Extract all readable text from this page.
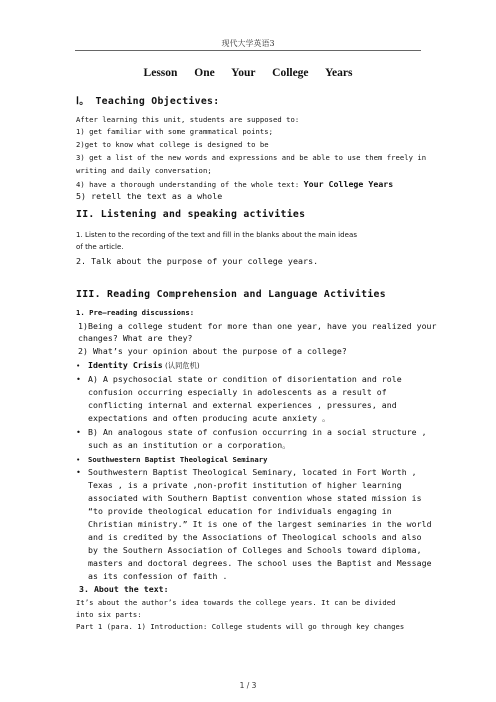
现代大学英语3
Lesson One Your College Years
Ⅰ。 Teaching Objectives:
After learning this unit, students are supposed to:
1) get familiar with some grammatical points;
2)get to know what college is designed to be
3) get a list of the new words and expressions and be able to use them freely in
writing and daily conversation;
4) have a thorough understanding of the whole text: Your College Years
5) retell the text as a whole
II. Listening and speaking activities
1. Listen to the recording of the text and fill in the blanks about the main ideas
of the article.
2. Talk about the purpose of your college years.
III. Reading Comprehension and Language Activities
1. Pre—reading discussions:
1)Being a college student for more than one year, have you realized your
changes? What are they?
2) What’s your opinion about the purpose of a college?
• Identity Crisis (认同危机)
• A) A psychosocial state or condition of disorientation and role
confusion occurring especially in adolescents as a result of
conflicting internal and external experiences , pressures, and
expectations and often producing acute anxiety 。
• B) An analogous state of confusion occurring in a social structure ,
such as an institution or a corporation。
• Southwestern Baptist Theological Seminary
• Southwestern Baptist Theological Seminary, located in Fort Worth ,
Texas , is a private ,non-profit institution of higher learning
associated with Southern Baptist convention whose stated mission is
“to provide theological education for individuals engaging in
Christian ministry.” It is one of the largest seminaries in the world
and is credited by the Associations of Theological schools and also
by the Southern Association of Colleges and Schools toward diploma,
masters and doctoral degrees. The school uses the Baptist and Message
as its confession of faith .
3. About the text:
It’s about the author’s idea towards the college years. It can be divided
into six parts:
Part 1 (para. 1) Introduction: College students will go through key changes
1 / 3
